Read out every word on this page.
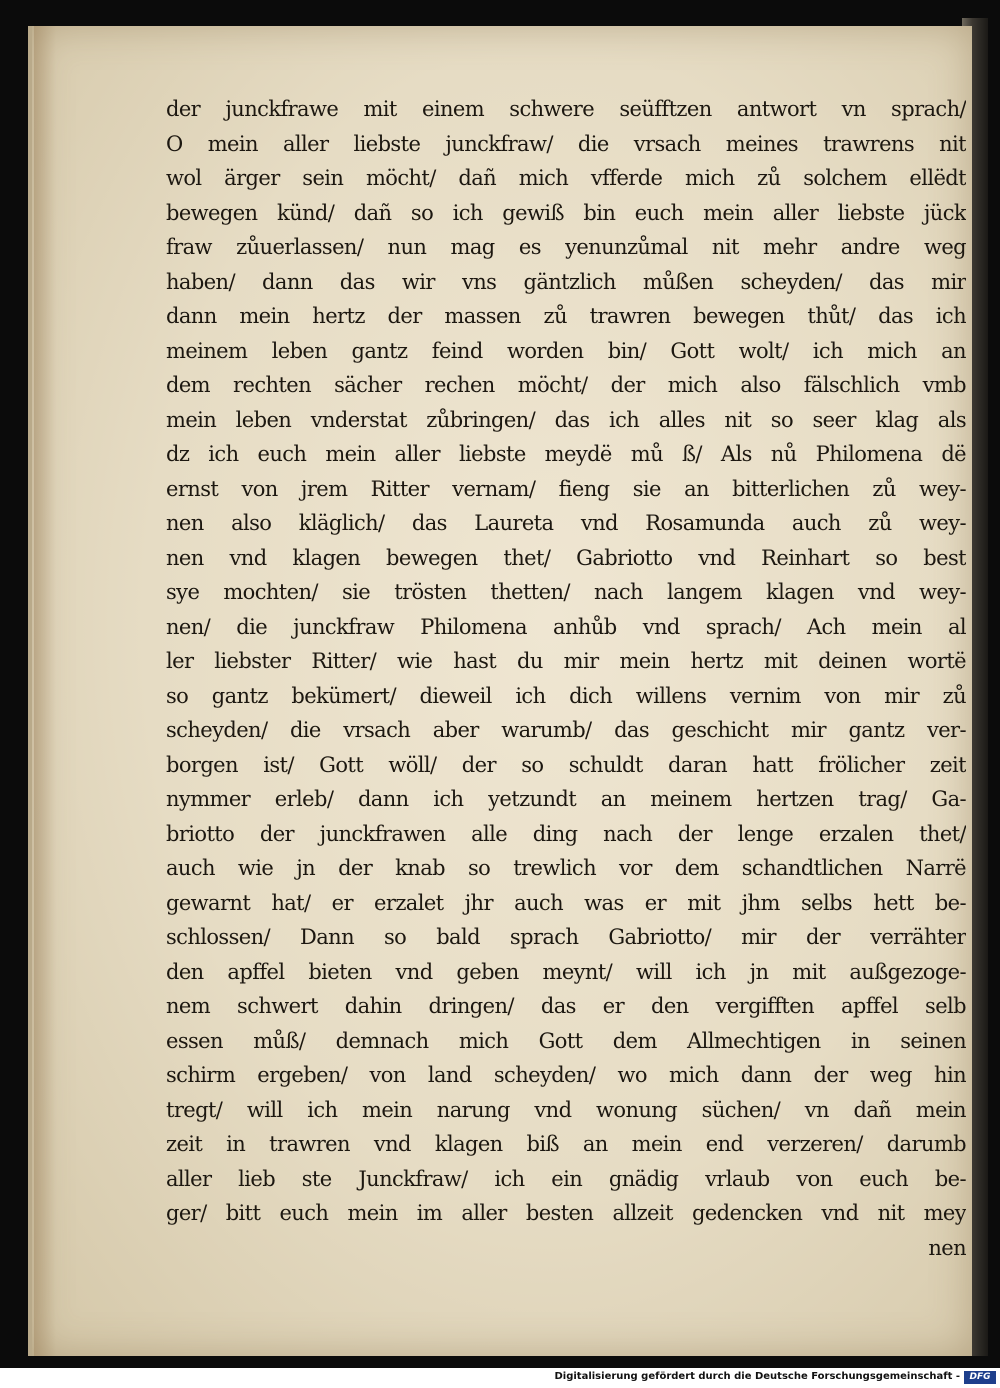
der junckfrawe mit einem schwere seüfftzen antwort vn sprach/
O mein aller liebste junckfraw/ die vrsach meines trawrens nit
wol ärger sein möcht/ dañ mich vfferde mich zů solchem ellëdt
bewegen künd/ dañ so ich gewiß bin euch mein aller liebste jück
fraw zůuerlassen/ nun mag es yenunzůmal nit mehr andre weg
haben/ dann das wir vns gäntzlich můßen scheyden/ das mir
dann mein hertz der massen zů trawren bewegen thůt/ das ich
meinem leben gantz feind worden bin/ Gott wolt/ ich mich an
dem rechten sächer rechen möcht/ der mich also fälschlich vmb
mein leben vnderstat zůbringen/ das ich alles nit so seer klag als
dz ich euch mein aller liebste meydë mů ß/ Als nů Philomena dë
ernst von jrem Ritter vernam/ fieng sie an bitterlichen zů wey-
nen also kläglich/ das Laureta vnd Rosamunda auch zů wey-
nen vnd klagen bewegen thet/ Gabriotto vnd Reinhart so best
sye mochten/ sie trösten thetten/ nach langem klagen vnd wey-
nen/ die junckfraw Philomena anhůb vnd sprach/ Ach mein al
ler liebster Ritter/ wie hast du mir mein hertz mit deinen wortë
so gantz bekümert/ dieweil ich dich willens vernim von mir zů
scheyden/ die vrsach aber warumb/ das geschicht mir gantz ver-
borgen ist/ Gott wöll/ der so schuldt daran hatt frölicher zeit
nymmer erleb/ dann ich yetzundt an meinem hertzen trag/ Ga-
briotto der junckfrawen alle ding nach der lenge erzalen thet/
auch wie jn der knab so trewlich vor dem schandtlichen Narrë
gewarnt hat/ er erzalet jhr auch was er mit jhm selbs hett be-
schlossen/ Dann so bald sprach Gabriotto/ mir der verrähter
den apffel bieten vnd geben meynt/ will ich jn mit außgezoge-
nem schwert dahin dringen/ das er den vergifften apffel selb
essen můß/ demnach mich Gott dem Allmechtigen in seinen
schirm ergeben/ von land scheyden/ wo mich dann der weg hin
tregt/ will ich mein narung vnd wonung süchen/ vn dañ mein
zeit in trawren vnd klagen biß an mein end verzeren/ darumb
aller lieb ste Junckfraw/ ich ein gnädig vrlaub von euch be-
ger/ bitt euch mein im aller besten allzeit gedencken vnd nit mey
nen
Digitalisierung gefördert durch die Deutsche Forschungsgemeinschaft -	DFG
